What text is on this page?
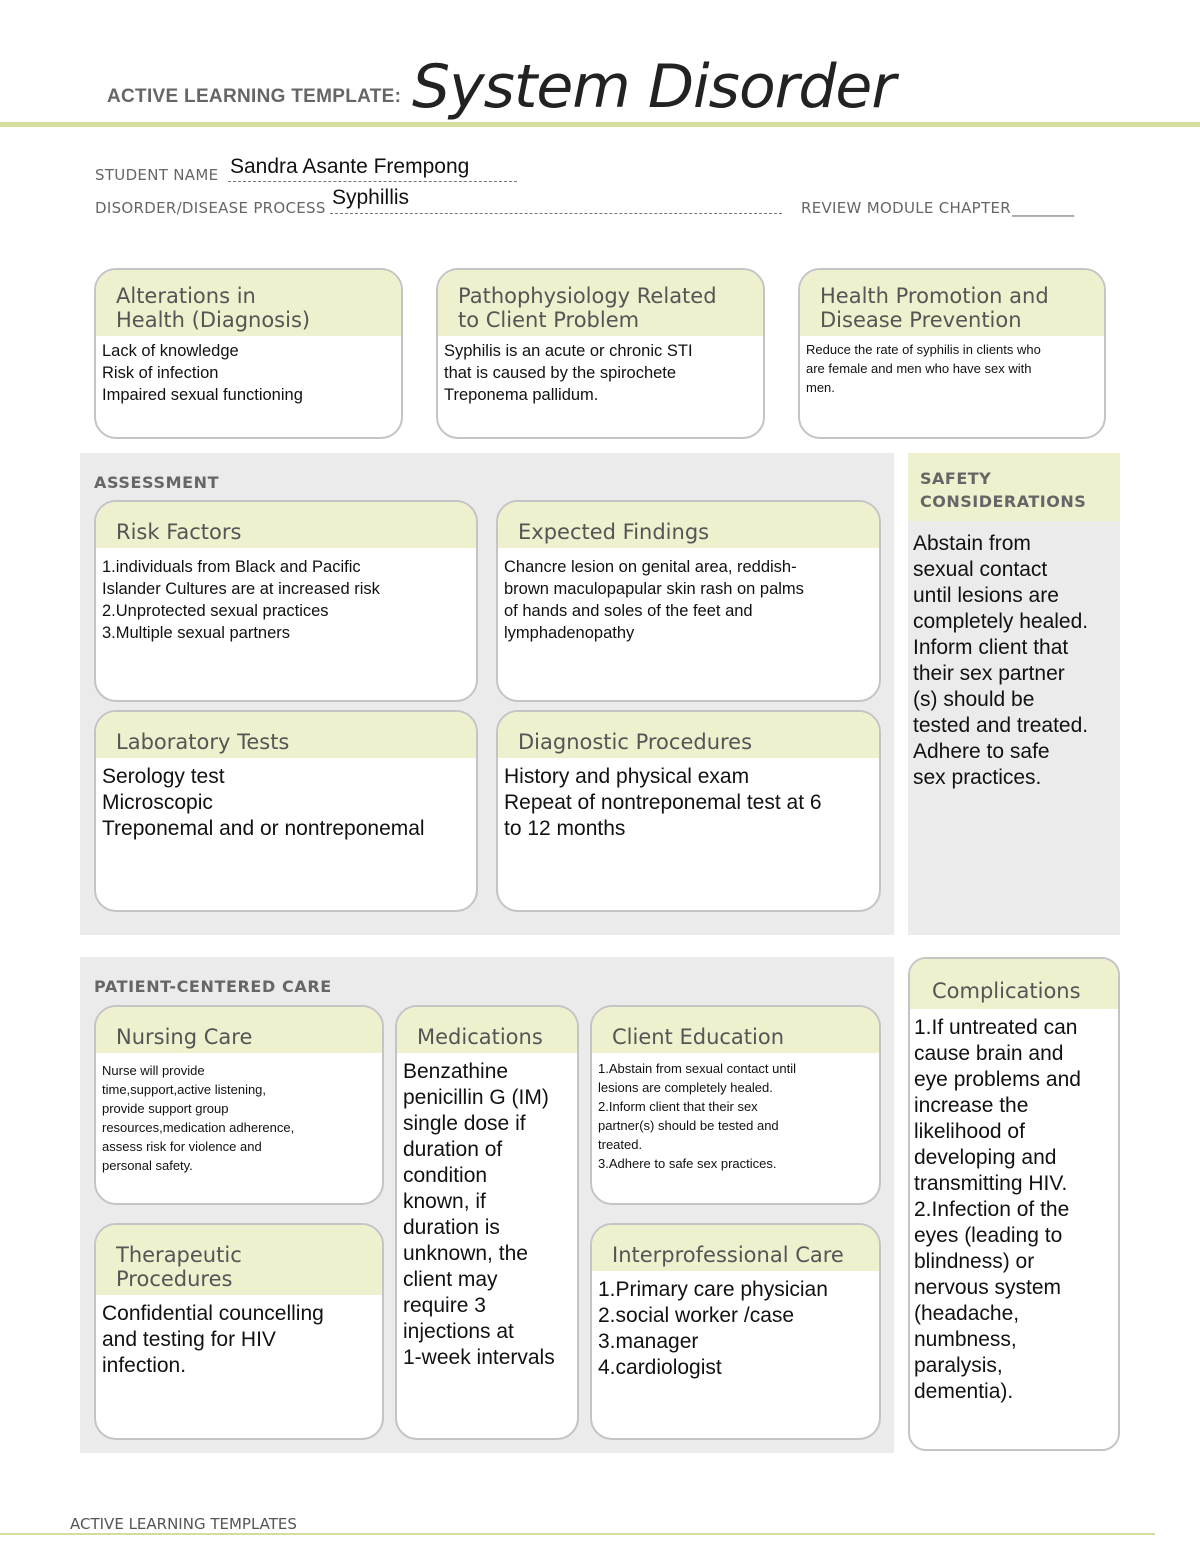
ACTIVE LEARNING TEMPLATE: System Disorder
STUDENT NAME Sandra Asante Frempong
DISORDER/DISEASE PROCESS Syphillis	REVIEW MODULE CHAPTER ________
Alterations in
Health (Diagnosis)
Lack of knowledge
Risk of infection
Impaired sexual functioning
Pathophysiology Related
to Client Problem
Syphilis is an acute or chronic STI
that is caused by the spirochete
Treponema pallidum.
Health Promotion and
Disease Prevention
Reduce the rate of syphilis in clients who
are female and men who have sex with
men.
ASSESSMENT
Risk Factors
1.individuals from Black and Pacific
Islander Cultures are at increased risk
2.Unprotected sexual practices
3.Multiple sexual partners
Expected Findings
Chancre lesion on genital area, reddish-
brown maculopapular skin rash on palms
of hands and soles of the feet and
lymphadenopathy
Laboratory Tests
Serology test
Microscopic
Treponemal and or nontreponemal
Diagnostic Procedures
History and physical exam
Repeat of nontreponemal test at 6
to 12 months
SAFETY
CONSIDERATIONS
Abstain from
sexual contact
until lesions are
completely healed.
Inform client that
their sex partner
(s) should be
tested and treated.
Adhere to safe
sex practices.
PATIENT-CENTERED CARE
Nursing Care
Nurse will provide
time,support,active listening,
provide support group
resources,medication adherence,
assess risk for violence and
personal safety.
Therapeutic Procedures
Confidential councelling
and testing for HIV
infection.
Medications
Benzathine
penicillin G (IM)
single dose if
duration of
condition
known, if
duration is
unknown, the
client may
require 3
injections at
1-week intervals
Client Education
1.Abstain from sexual contact until
lesions are completely healed.
2.Inform client that their sex
partner(s) should be tested and
treated.
3.Adhere to safe sex practices.
Interprofessional Care
1.Primary care physician
2.social worker /case
3.manager
4.cardiologist
Complications
1.If untreated can
cause brain and
eye problems and
increase the
likelihood of
developing and
transmitting HIV.
2.Infection of the
eyes (leading to
blindness) or
nervous system
(headache,
numbness,
paralysis,
dementia).
ACTIVE LEARNING TEMPLATES
